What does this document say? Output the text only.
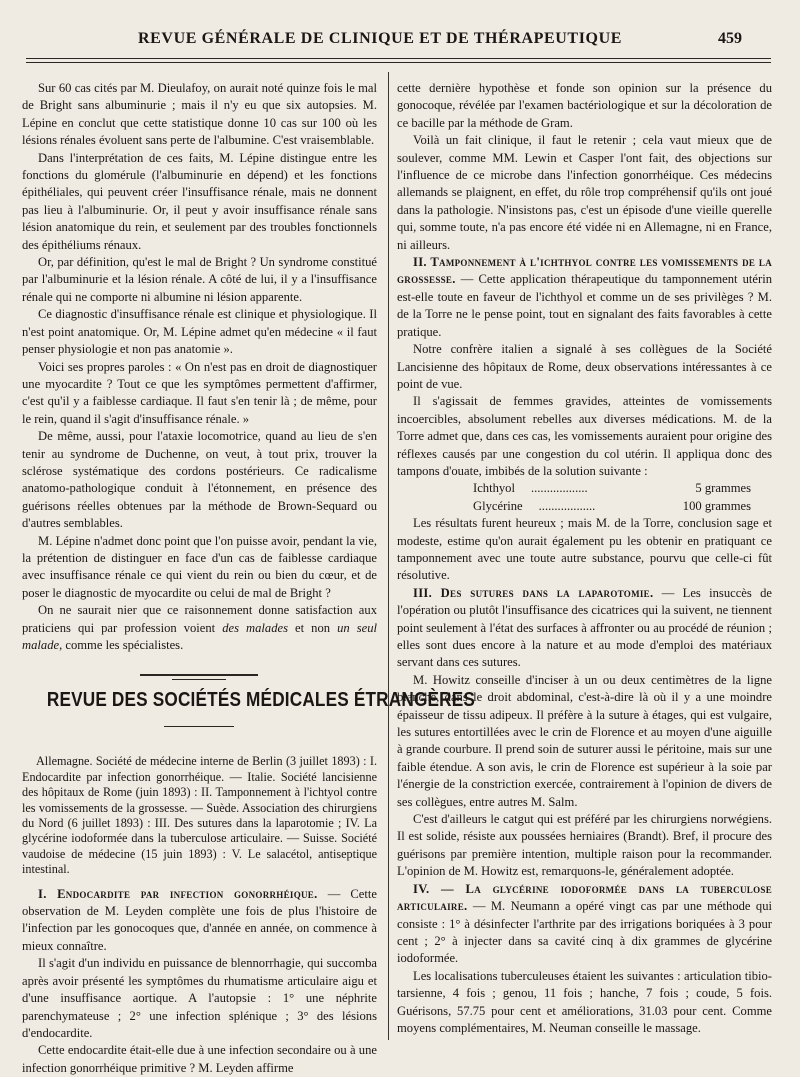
REVUE GÉNÉRALE DE CLINIQUE ET DE THÉRAPEUTIQUE	459

Sur 60 cas cités par M. Dieulafoy, on aurait noté quinze fois le mal de Bright sans albuminurie ; mais il n'y eu que six autopsies. M. Lépine en conclut que cette statistique donne 10 cas sur 100 où les lésions rénales évoluent sans perte de l'albumine. C'est vraisemblable.

Dans l'interprétation de ces faits, M. Lépine distingue entre les fonctions du glomérule (l'albuminurie en dépend) et les fonctions épithéliales, qui peuvent créer l'insuffisance rénale, mais ne donnent pas lieu à l'albuminurie. Or, il peut y avoir insuffisance rénale sans lésion anatomique du rein, et seulement par des troubles fonctionnels des épithéliums rénaux.

Or, par définition, qu'est le mal de Bright ? Un syndrome constitué par l'albuminurie et la lésion rénale. A côté de lui, il y a l'insuffisance rénale qui ne comporte ni albumine ni lésion apparente.

Ce diagnostic d'insuffisance rénale est clinique et physiologique. Il n'est point anatomique. Or, M. Lépine admet qu'en médecine « il faut penser physiologie et non pas anatomie ».

Voici ses propres paroles : « On n'est pas en droit de diagnostiquer une myocardite ? Tout ce que les symptômes permettent d'affirmer, c'est qu'il y a faiblesse cardiaque. Il faut s'en tenir là ; de même, pour le rein, quand il s'agit d'insuffisance rénale. »

De même, aussi, pour l'ataxie locomotrice, quand au lieu de s'en tenir au syndrome de Duchenne, on veut, à tout prix, trouver la sclérose systématique des cordons postérieurs. Ce radicalisme anatomo-pathologique conduit à l'étonnement, en présence des guérisons réelles obtenues par la méthode de Brown-Sequard ou d'autres semblables.

M. Lépine n'admet donc point que l'on puisse avoir, pendant la vie, la prétention de distinguer en face d'un cas de faiblesse cardiaque avec insuffisance rénale ce qui vient du rein ou bien du cœur, et de poser le diagnostic de myocardite ou celui de mal de Bright ?

On ne saurait nier que ce raisonnement donne satisfaction aux praticiens qui par profession voient des malades et non un seul malade, comme les spécialistes.

REVUE DES SOCIÉTÉS MÉDICALES ÉTRANGÈRES

Allemagne. Société de médecine interne de Berlin (3 juillet 1893) : I. Endocardite par infection gonorrhéique. — Italie. Société lancisienne des hôpitaux de Rome (juin 1893) : II. Tamponnement à l'ichtyol contre les vomissements de la grossesse. — Suède. Association des chirurgiens du Nord (6 juillet 1893) : III. Des sutures dans la laparotomie ; IV. La glycérine iodoformée dans la tuberculose articulaire. — Suisse. Société vaudoise de médecine (15 juin 1893) : V. Le salacétol, antiseptique intestinal.

I. Endocardite par infection gonorrhéique. — Cette observation de M. Leyden complète une fois de plus l'histoire de l'infection par les gonocoques que, d'année en année, on commence à mieux connaître.

Il s'agit d'un individu en puissance de blennorrhagie, qui succomba après avoir présenté les symptômes du rhumatisme articulaire aigu et d'une insuffisance aortique. A l'autopsie : 1° une néphrite parenchymateuse ; 2° une infection splénique ; 3° des lésions d'endocardite.

Cette endocardite était-elle due à une infection secondaire ou à une infection gonorrhéique primitive ? M. Leyden affirme

cette dernière hypothèse et fonde son opinion sur la présence du gonocoque, révélée par l'examen bactériologique et sur la décoloration de ce bacille par la méthode de Gram.

Voilà un fait clinique, il faut le retenir ; cela vaut mieux que de soulever, comme MM. Lewin et Casper l'ont fait, des objections sur l'influence de ce microbe dans l'infection gonorrhéique. Ces médecins allemands se plaignent, en effet, du rôle trop compréhensif qu'ils ont joué dans la pathologie. N'insistons pas, c'est un épisode d'une vieille querelle qui, somme toute, n'a pas encore été vidée ni en Allemagne, ni en France, ni ailleurs.

II. Tamponnement à l'ichthyol contre les vomissements de la grossesse. — Cette application thérapeutique du tamponnement utérin est-elle toute en faveur de l'ichthyol et comme un de ses privilèges ? M. de la Torre ne le pense point, tout en signalant des faits favorables à cette pratique.

Notre confrère italien a signalé à ses collègues de la Société Lancisienne des hôpitaux de Rome, deux observations intéressantes à ce point de vue.

Il s'agissait de femmes gravides, atteintes de vomissements incoercibles, absolument rebelles aux diverses médications. M. de la Torre admet que, dans ces cas, les vomissements auraient pour origine des réflexes causés par une congestion du col utérin. Il appliqua donc des tampons d'ouate, imbibés de la solution suivante :

Ichthyol..................	5 grammes

Glycérine..................	100 grammes

Les résultats furent heureux ; mais M. de la Torre, conclusion sage et modeste, estime qu'on aurait également pu les obtenir en pratiquant ce tamponnement avec une toute autre substance, pourvu que celle-ci fût résolutive.

III. Des sutures dans la laparotomie. — Les insuccès de l'opération ou plutôt l'insuffisance des cicatrices qui la suivent, ne tiennent point seulement à l'état des surfaces à affronter ou au procédé de réunion ; elles sont dues encore à la nature et au mode d'emploi des matériaux servant dans ces sutures.

M. Howitz conseille d'inciser à un ou deux centimètres de la ligne blanche, dans le droit abdominal, c'est-à-dire là où il y a une moindre épaisseur de tissu adipeux. Il préfère à la suture à étages, qui est vulgaire, les sutures entortillées avec le crin de Florence et au moyen d'une aiguille à grande courbure. Il prend soin de suturer aussi le péritoine, mais sur une faible étendue. A son avis, le crin de Florence est supérieur à la soie par l'énergie de la constriction exercée, contrairement à l'opinion de divers de ses collègues, entre autres M. Salm.

C'est d'ailleurs le catgut qui est préféré par les chirurgiens norwégiens. Il est solide, résiste aux poussées herniaires (Brandt). Bref, il procure des guérisons par première intention, multiple raison pour la recommander. L'opinion de M. Howitz est, remarquons-le, généralement adoptée.

IV. — La glycérine iodoformée dans la tuberculose articulaire. — M. Neumann a opéré vingt cas par une méthode qui consiste : 1° à désinfecter l'arthrite par des irrigations boriquées à 3 pour cent ; 2° à injecter dans sa cavité cinq à dix grammes de glycérine iodoformée.

Les localisations tuberculeuses étaient les suivantes : articulation tibio-tarsienne, 4 fois ; genou, 11 fois ; hanche, 7 fois ; coude, 5 fois. Guérisons, 57.75 pour cent et améliorations, 31.03 pour cent. Comme moyens complémentaires, M. Neuman conseille le massage.
